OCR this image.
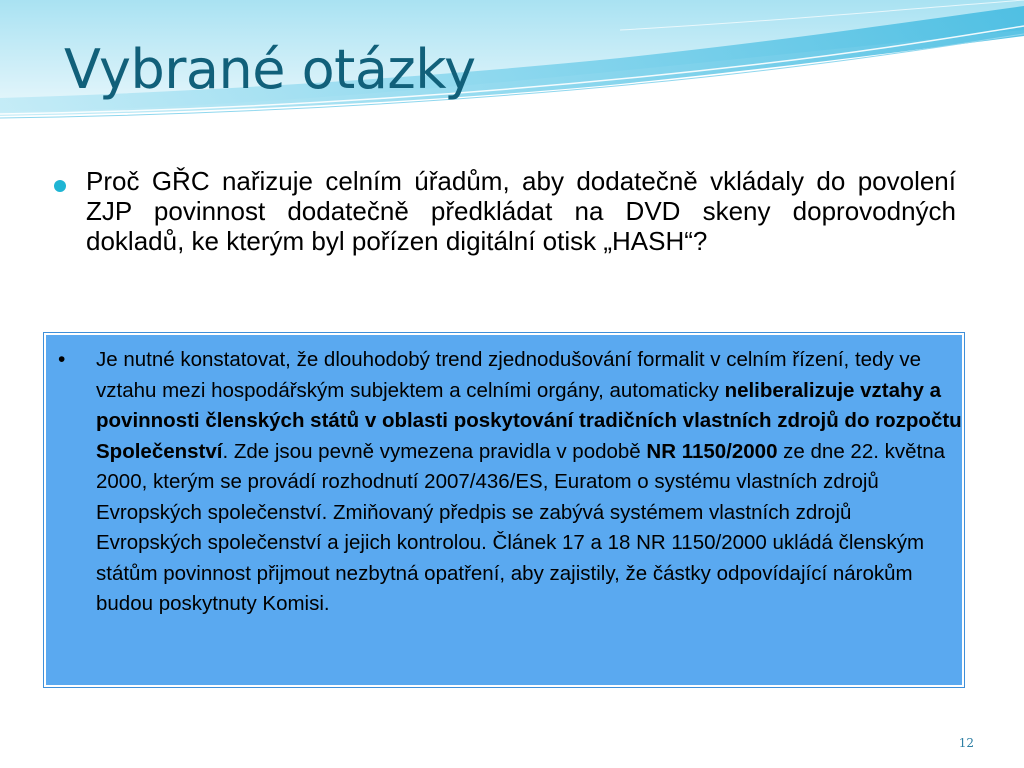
Vybrané otázky

Proč GŘC nařizuje celním úřadům, aby dodatečně vkládaly do povolení ZJP povinnost dodatečně předkládat na DVD skeny doprovodných dokladů, ke kterým byl pořízen digitální otisk „HASH“?

• Je nutné konstatovat, že dlouhodobý trend zjednodušování formalit v celním řízení, tedy ve vztahu mezi hospodářským subjektem a celními orgány, automaticky neliberalizuje vztahy a povinnosti členských států v oblasti poskytování tradičních vlastních zdrojů do rozpočtu Společenství. Zde jsou pevně vymezena pravidla v podobě NR 1150/2000 ze dne 22. května 2000, kterým se provádí rozhodnutí 2007/436/ES, Euratom o systému vlastních zdrojů Evropských společenství. Zmiňovaný předpis se zabývá systémem vlastních zdrojů Evropských společenství a jejich kontrolou. Článek 17 a 18 NR 1150/2000 ukládá členským státům povinnost přijmout nezbytná opatření, aby zajistily, že částky odpovídající nárokům budou poskytnuty Komisi.

12
